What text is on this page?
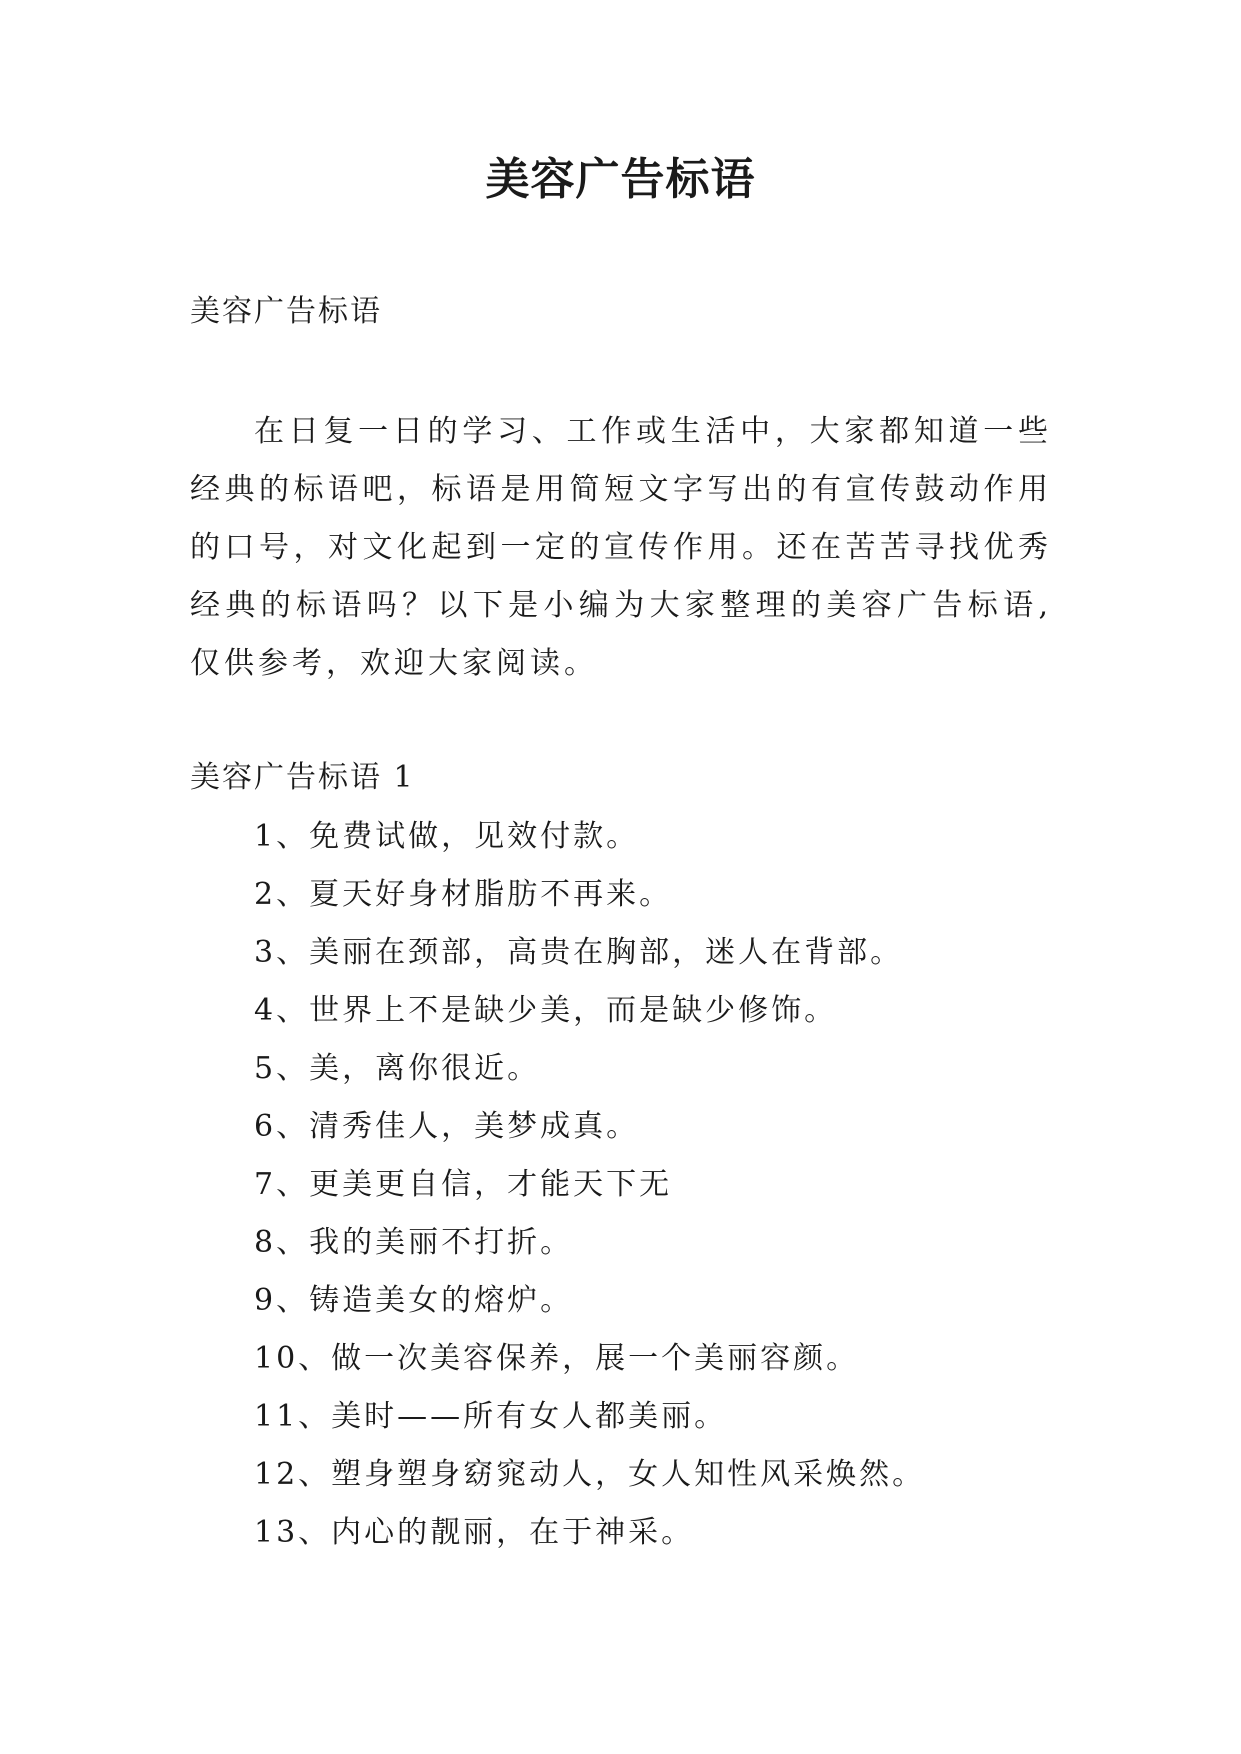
美容广告标语

美容广告标语

在日复一日的学习、工作或生活中，大家都知道一些经典的标语吧，标语是用简短文字写出的有宣传鼓动作用的口号，对文化起到一定的宣传作用。还在苦苦寻找优秀经典的标语吗？以下是小编为大家整理的美容广告标语,仅供参考，欢迎大家阅读。

美容广告标语 1

1、免费试做，见效付款。
2、夏天好身材脂肪不再来。
3、美丽在颈部，高贵在胸部，迷人在背部。
4、世界上不是缺少美，而是缺少修饰。
5、美，离你很近。
6、清秀佳人，美梦成真。
7、更美更自信，才能天下无
8、我的美丽不打折。
9、铸造美女的熔炉。
10、做一次美容保养，展一个美丽容颜。
11、美时——所有女人都美丽。
12、塑身塑身窈窕动人，女人知性风采焕然。
13、内心的靓丽，在于神采。
